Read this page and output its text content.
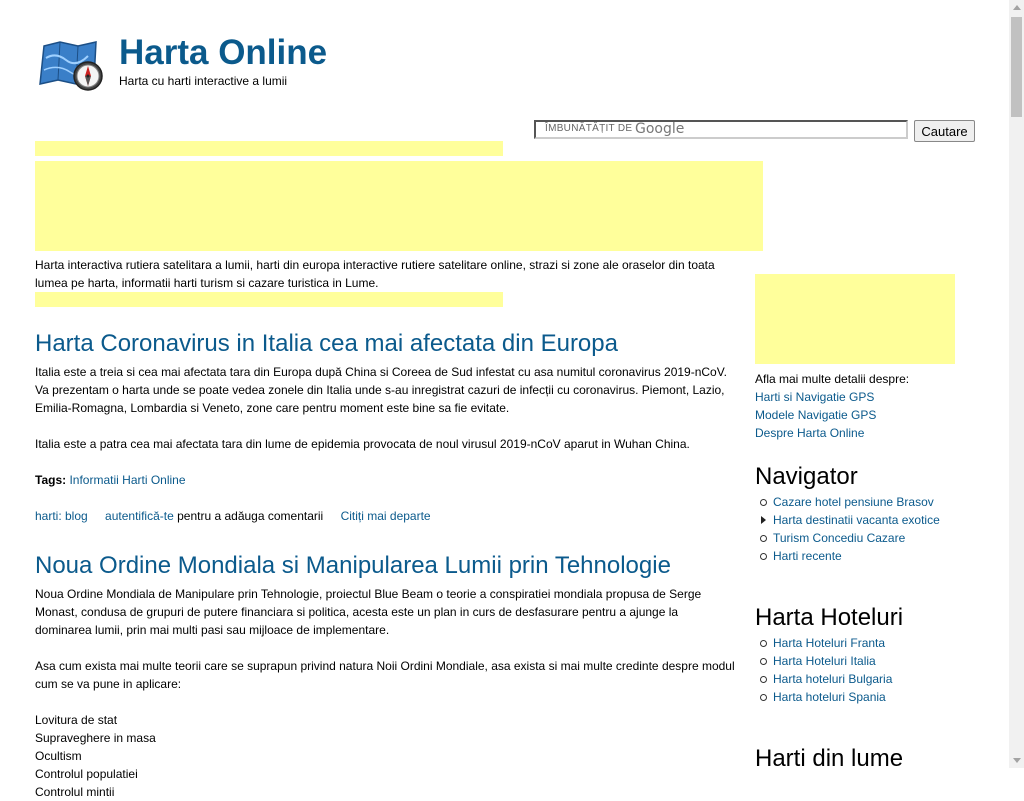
Harta Online
Harta cu harti interactive a lumii
ÎMBUNĂTĂȚIT DE Google	Cautare

Harta interactiva rutiera satelitara a lumii, harti din europa interactive rutiere satelitare online, strazi si zone ale oraselor din toata lumea pe harta, informatii harti turism si cazare turistica in Lume.

Harta Coronavirus in Italia cea mai afectata din Europa

Italia este a treia si cea mai afectata tara din Europa după China si Coreea de Sud infestat cu asa numitul coronavirus 2019-nCoV. Va prezentam o harta unde se poate vedea zonele din Italia unde s-au inregistrat cazuri de infecții cu coronavirus. Piemont, Lazio, Emilia-Romagna, Lombardia si Veneto, zone care pentru moment este bine sa fie evitate.

Italia este a patra cea mai afectata tara din lume de epidemia provocata de noul virusul 2019-nCoV aparut in Wuhan China.

Tags: Informatii Harti Online

harti: blog autentifică-te pentru a adăuga comentarii Citiți mai departe

Noua Ordine Mondiala si Manipularea Lumii prin Tehnologie

Noua Ordine Mondiala de Manipulare prin Tehnologie, proiectul Blue Beam o teorie a conspiratiei mondiala propusa de Serge Monast, condusa de grupuri de putere financiara si politica, acesta este un plan in curs de desfasurare pentru a ajunge la dominarea lumii, prin mai multi pasi sau mijloace de implementare.

Asa cum exista mai multe teorii care se suprapun privind natura Noii Ordini Mondiale, asa exista si mai multe credinte despre modul cum se va pune in aplicare:

Lovitura de stat

Supraveghere in masa

Ocultism

Controlul populatiei

Controlul mintii

Afla mai multe detalii despre:

Harti si Navigatie GPS

Modele Navigatie GPS

Despre Harta Online

Navigator
Cazare hotel pensiune Brasov
Harta destinatii vacanta exotice
Turism Concediu Cazare
Harti recente
Harta Hoteluri
Harta Hoteluri Franta
Harta Hoteluri Italia
Harta hoteluri Bulgaria
Harta hoteluri Spania
Harti din lume
